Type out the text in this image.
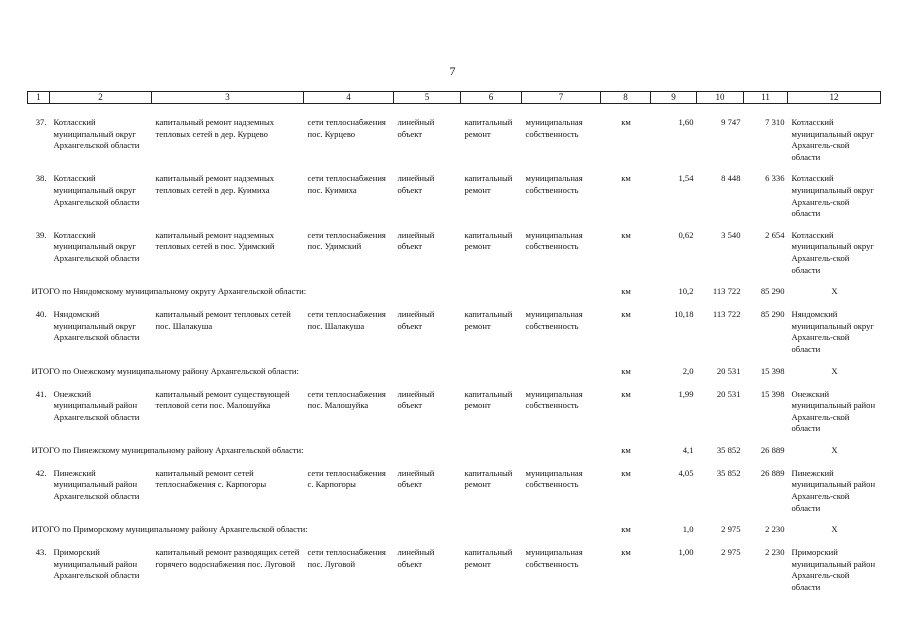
7
1	2	3	4	5	6	7	8	9	10	11	12

37.	Котласский муниципальный округ Архангельской области	капитальный ремонт надземных тепловых сетей в дер. Курцево	сети теплоснабжения пос. Курцево	линейный объект	капитальный ремонт	муниципальная собственность	км	1,60	9 747	7 310	Котласский муниципальный округ Архангель-ской области

38.	Котласский муниципальный округ Архангельской области	капитальный ремонт надземных тепловых сетей в дер. Куимиха	сети теплоснабжения пос. Куимиха	линейный объект	капитальный ремонт	муниципальная собственность	км	1,54	8 448	6 336	Котласский муниципальный округ Архангель-ской области

39.	Котласский муниципальный округ Архангельской области	капитальный ремонт надземных тепловых сетей в пос. Удимский	сети теплоснабжения пос. Удимский	линейный объект	капитальный ремонт	муниципальная собственность	км	0,62	3 540	2 654	Котласский муниципальный округ Архангель-ской области

ИТОГО по Няндомскому муниципальному округу Архангельской области:							км	10,2	113 722	85 290	Х

40.	Няндомский муниципальный округ Архангельской области	капитальный ремонт тепловых сетей пос. Шалакуша	сети теплоснабжения пос. Шалакуша	линейный объект	капитальный ремонт	муниципальная собственность	км	10,18	113 722	85 290	Няндомский муниципальный округ Архангель-ской области

ИТОГО по Онежскому муниципальному району Архангельской области:							км	2,0	20 531	15 398	Х

41.	Онежский муниципальный район Архангельской области	капитальный ремонт существующей тепловой сети пос. Малошуйка	сети теплоснабжения пос. Малошуйка	линейный объект	капитальный ремонт	муниципальная собственность	км	1,99	20 531	15 398	Онежский муниципальный район Архангель-ской области

ИТОГО по Пинежскому муниципальному району Архангельской области:							км	4,1	35 852	26 889	Х

42.	Пинежский муниципальный район Архангельской области	капитальный ремонт сетей теплоснабжения с. Карпогоры	сети теплоснабжения с. Карпогоры	линейный объект	капитальный ремонт	муниципальная собственность	км	4,05	35 852	26 889	Пинежский муниципальный район Архангель-ской области

ИТОГО по Приморскому муниципальному району Архангельской области:							км	1,0	2 975	2 230	Х

43.	Приморский муниципальный район Архангельской области	капитальный ремонт разводящих сетей горячего водоснабжения пос. Луговой	сети теплоснабжения пос. Луговой	линейный объект	капитальный ремонт	муниципальная собственность	км	1,00	2 975	2 230	Приморский муниципальный район Архангель-ской области
